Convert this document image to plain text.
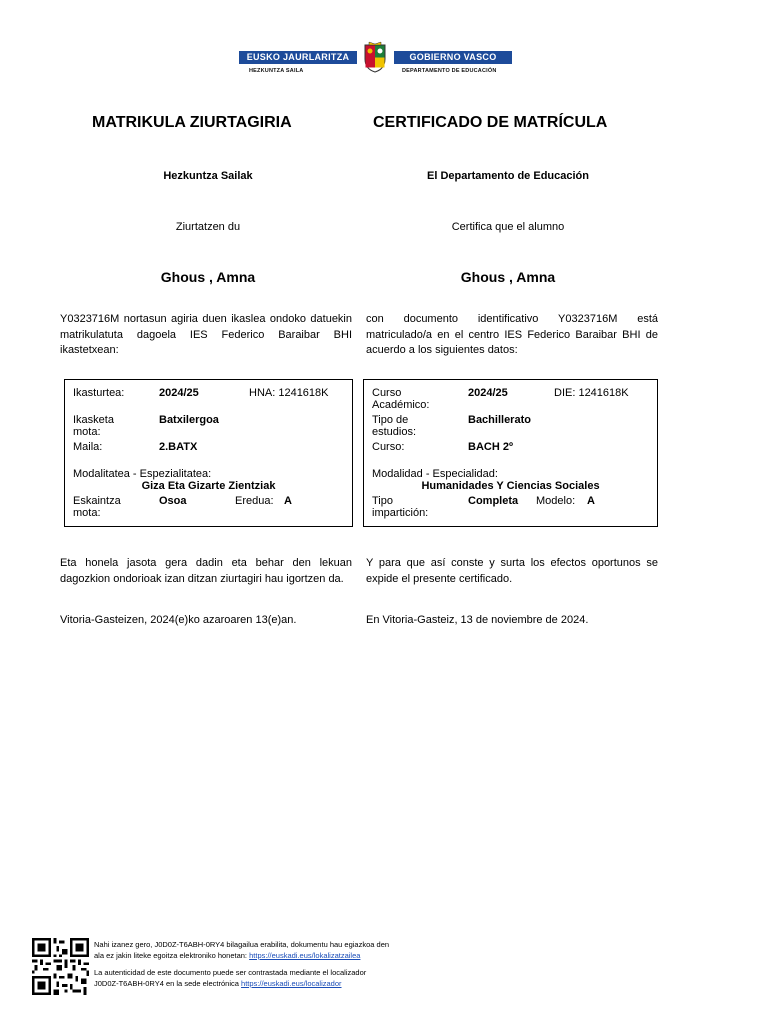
EUSKO JAURLARITZA	GOBIERNO VASCO
HEZKUNTZA SAILA	DEPARTAMENTO DE EDUCACIÓN
MATRIKULA ZIURTAGIRIA	CERTIFICADO DE MATRÍCULA
Hezkuntza Sailak	El Departamento de Educación
Ziurtatzen du	Certifica que el alumno
Ghous , Amna	Ghous , Amna
Y0323716M nortasun agiria duen ikaslea ondoko datuekin matrikulatuta dagoela IES Federico Baraibar BHI ikastetxean:
con documento identificativo Y0323716M está matriculado/a en el centro IES Federico Baraibar BHI de acuerdo a los siguientes datos:
Ikasturtea:	2024/25	HNA: 1241618K
Ikasketa mota:
Batxilergoa
Maila:	2.BATX
Modalitatea - Espezialitatea:
Giza Eta Gizarte Zientziak
Eskaintza mota:
Osoa	Eredua: A
Curso Académico:
2024/25	DIE: 1241618K
Tipo de estudios:
Bachillerato
Curso:	BACH 2º
Modalidad - Especialidad:
Humanidades Y Ciencias Sociales
Tipo impartición:
Completa Modelo: A
Eta honela jasota gera dadin eta behar den lekuan dagozkion ondorioak izan ditzan ziurtagiri hau igortzen da.
Y para que así conste y surta los efectos oportunos se expide el presente certificado.
Vitoria-Gasteizen, 2024(e)ko azaroaren 13(e)an.	En Vitoria-Gasteiz, 13 de noviembre de 2024.
Nahi izanez gero, J0D0Z-T6ABH-0RY4 bilagailua erabilita, dokumentu hau egiazkoa den
ala ez jakin liteke egoitza elektroniko honetan: https://euskadi.eus/lokalizatzailea
La autenticidad de este documento puede ser contrastada mediante el localizador
J0D0Z-T6ABH-0RY4 en la sede electrónica https://euskadi.eus/localizador
